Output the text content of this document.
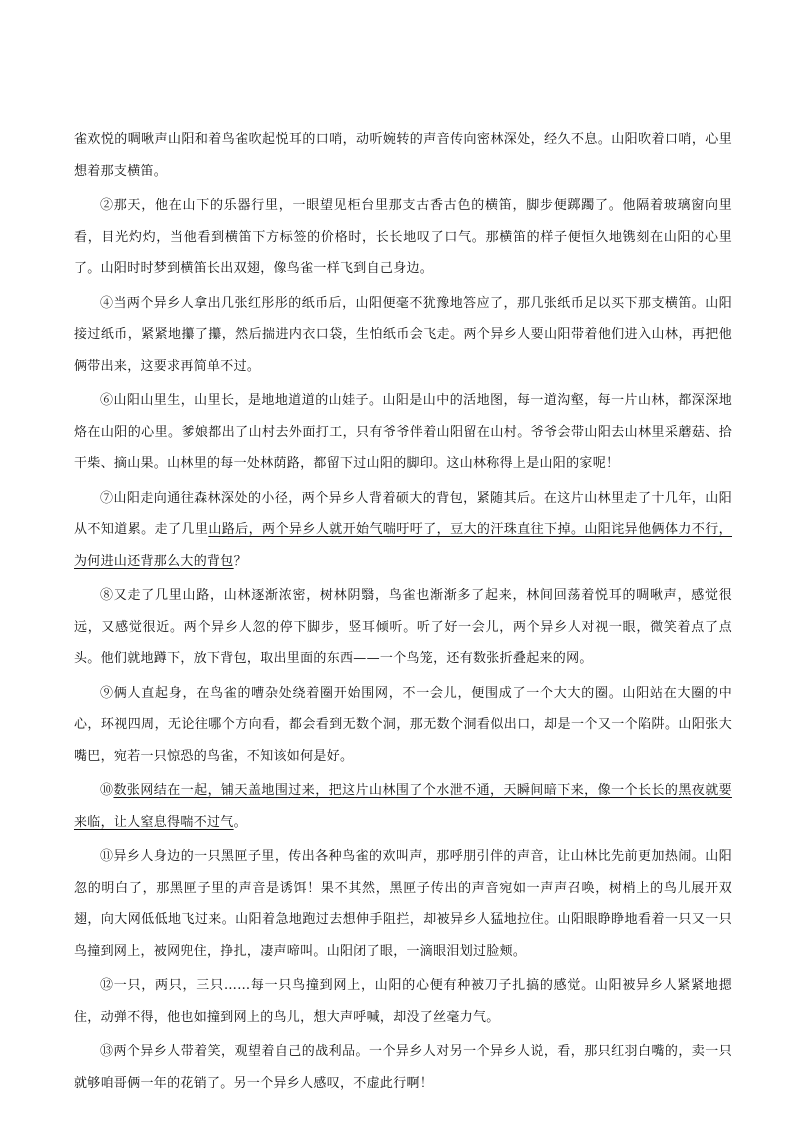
雀欢悦的啁啾声山阳和着鸟雀吹起悦耳的口哨，动听婉转的声音传向密林深处，经久不息。山阳吹着口哨，心里想着那支横笛。

②那天，他在山下的乐器行里，一眼望见柜台里那支古香古色的横笛，脚步便踯躅了。他隔着玻璃窗向里看，目光灼灼，当他看到横笛下方标签的价格时，长长地叹了口气。那横笛的样子便恒久地镌刻在山阳的心里了。山阳时时梦到横笛长出双翅，像鸟雀一样飞到自己身边。

④当两个异乡人拿出几张红彤彤的纸币后，山阳便毫不犹豫地答应了，那几张纸币足以买下那支横笛。山阳接过纸币，紧紧地攥了攥，然后揣进内衣口袋，生怕纸币会飞走。两个异乡人要山阳带着他们进入山林，再把他俩带出来，这要求再简单不过。

⑥山阳山里生，山里长，是地地道道的山娃子。山阳是山中的活地图，每一道沟壑，每一片山林，都深深地烙在山阳的心里。爹娘都出了山村去外面打工，只有爷爷伴着山阳留在山村。爷爷会带山阳去山林里采蘑菇、拾干柴、摘山果。山林里的每一处林荫路，都留下过山阳的脚印。这山林称得上是山阳的家呢！

⑦山阳走向通往森林深处的小径，两个异乡人背着硕大的背包，紧随其后。在这片山林里走了十几年，山阳从不知道累。走了几里山路后，两个异乡人就开始气喘吁吁了，豆大的汗珠直往下掉。山阳诧异他俩体力不行，为何进山还背那么大的背包？

⑧又走了几里山路，山林逐渐浓密，树林阴翳，鸟雀也渐渐多了起来，林间回荡着悦耳的啁啾声，感觉很远，又感觉很近。两个异乡人忽的停下脚步，竖耳倾听。听了好一会儿，两个异乡人对视一眼，微笑着点了点头。他们就地蹲下，放下背包，取出里面的东西——一个鸟笼，还有数张折叠起来的网。

⑨俩人直起身，在鸟雀的嘈杂处绕着圈开始围网，不一会儿，便围成了一个大大的圈。山阳站在大圈的中心，环视四周，无论往哪个方向看，都会看到无数个洞，那无数个洞看似出口，却是一个又一个陷阱。山阳张大嘴巴，宛若一只惊恐的鸟雀，不知该如何是好。

⑩数张网结在一起，铺天盖地围过来，把这片山林围了个水泄不通，天瞬间暗下来，像一个长长的黑夜就要来临，让人窒息得喘不过气。

⑪异乡人身边的一只黑匣子里，传出各种鸟雀的欢叫声，那呼朋引伴的声音，让山林比先前更加热闹。山阳忽的明白了，那黑匣子里的声音是诱饵！果不其然，黑匣子传出的声音宛如一声声召唤，树梢上的鸟儿展开双翅，向大网低低地飞过来。山阳着急地跑过去想伸手阻拦，却被异乡人猛地拉住。山阳眼睁睁地看着一只又一只鸟撞到网上，被网兜住，挣扎，凄声啼叫。山阳闭了眼，一滴眼泪划过脸颊。

⑫一只，两只，三只……每一只鸟撞到网上，山阳的心便有种被刀子扎搞的感觉。山阳被异乡人紧紧地摁住，动弹不得，他也如撞到网上的鸟儿，想大声呼喊，却没了丝毫力气。

⑬两个异乡人带着笑，观望着自己的战利品。一个异乡人对另一个异乡人说，看，那只红羽白嘴的，卖一只就够咱哥俩一年的花销了。另一个异乡人感叹，不虚此行啊！
